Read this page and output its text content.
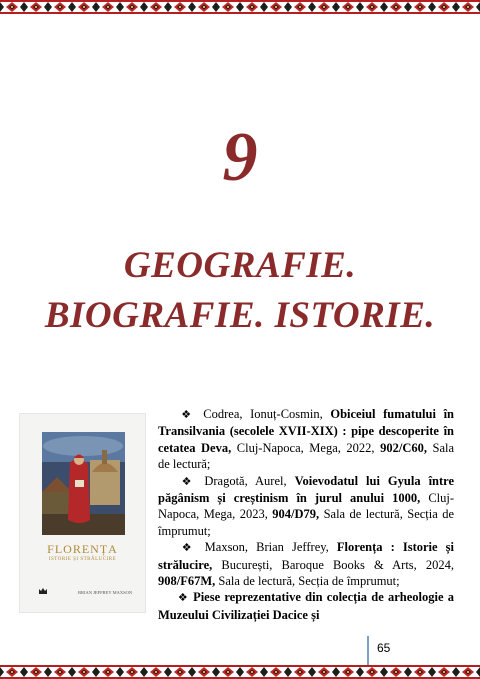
9
GEOGRAFIE.
BIOGRAFIE. ISTORIE.
FLORENȚA
ISTORIE ȘI STRĂLUCIRE
BRIAN JEFFREY MAXSON

  ❖ Codrea, Ionuț-Cosmin, Obiceiul fumatului în Transilvania (secolele XVII-XIX) : pipe descoperite în cetatea Deva, Cluj-Napoca, Mega, 2022, 902/C60, Sala de lectură;

  ❖ Dragotă, Aurel, Voievodatul lui Gyula între păgânism și creștinism în jurul anului 1000, Cluj-Napoca, Mega, 2023, 904/D79, Sala de lectură, Secția de împrumut;

  ❖ Maxson, Brian Jeffrey, Florența : Istorie și strălucire, București, Baroque Books & Arts, 2024, 908/F67M, Sala de lectură, Secția de împrumut;

  ❖ Piese reprezentative din colecția de arheologie a Muzeului Civilizației Dacice și

65
